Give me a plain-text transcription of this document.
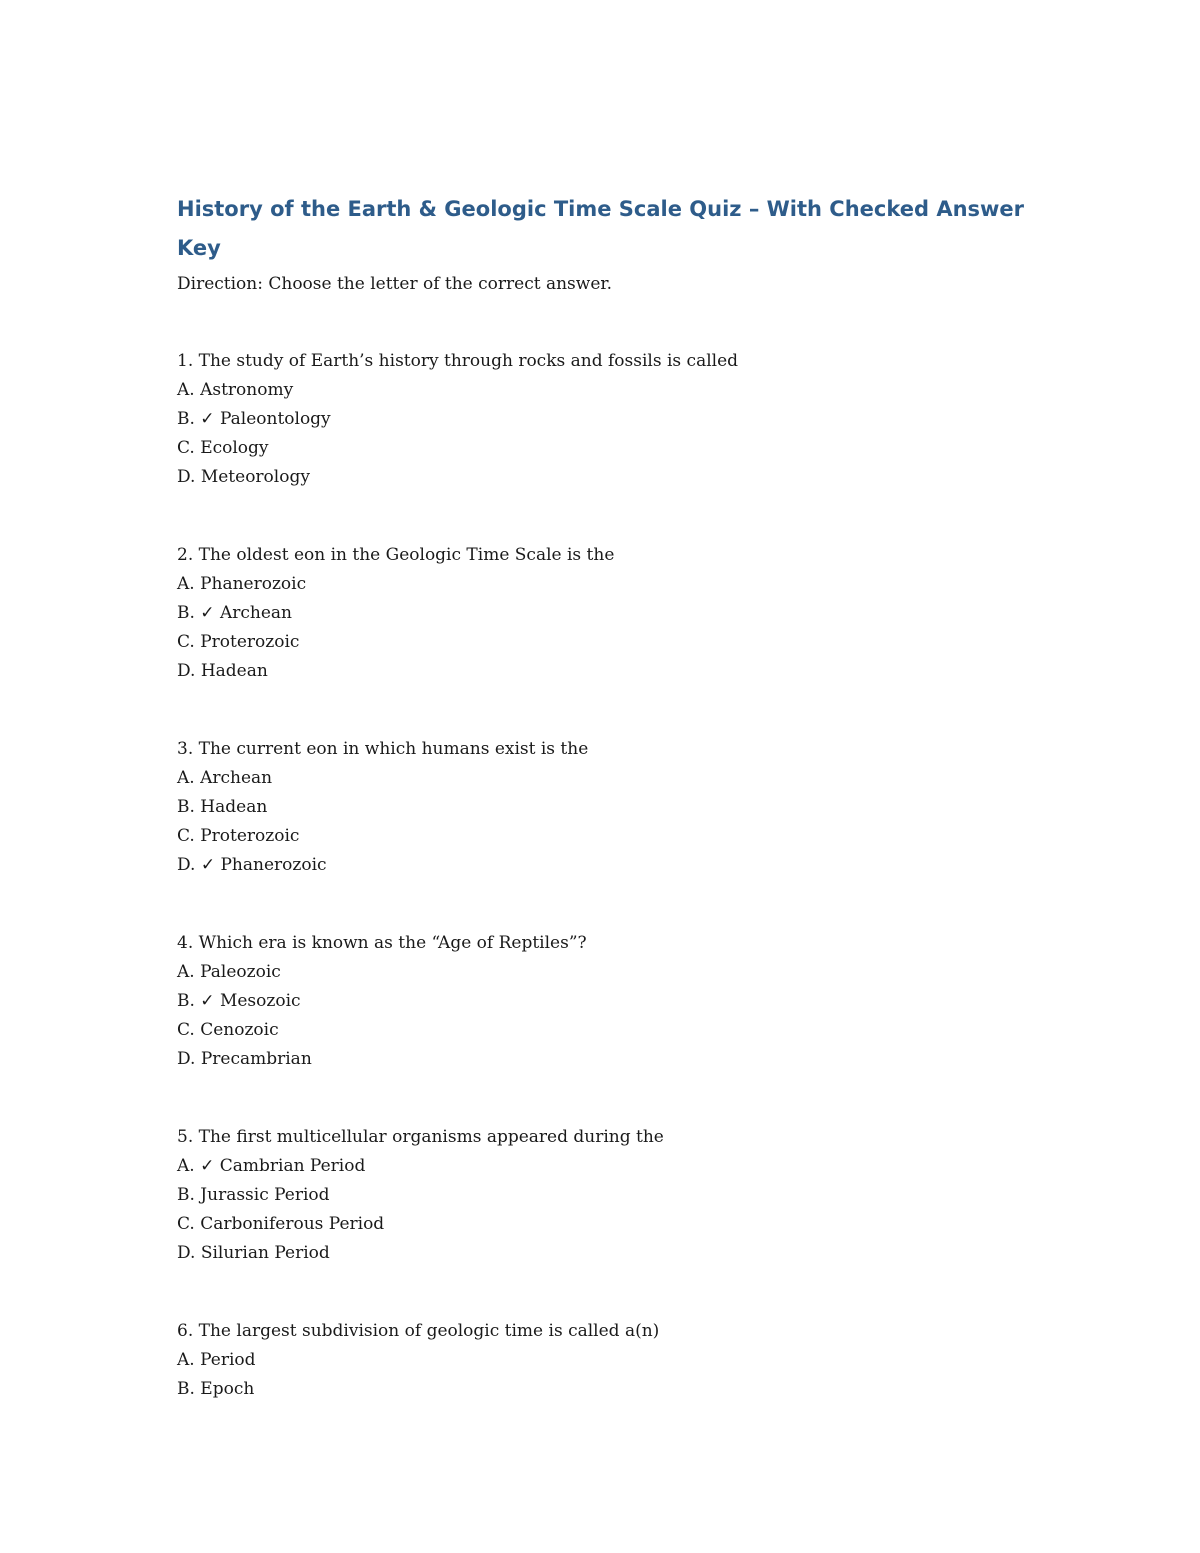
History of the Earth & Geologic Time Scale Quiz – With Checked Answer Key

Direction: Choose the letter of the correct answer.

1. The study of Earth’s history through rocks and fossils is called
A. Astronomy
B. ✓ Paleontology
C. Ecology
D. Meteorology
2. The oldest eon in the Geologic Time Scale is the
A. Phanerozoic
B. ✓ Archean
C. Proterozoic
D. Hadean
3. The current eon in which humans exist is the
A. Archean
B. Hadean
C. Proterozoic
D. ✓ Phanerozoic
4. Which era is known as the “Age of Reptiles”?
A. Paleozoic
B. ✓ Mesozoic
C. Cenozoic
D. Precambrian
5. The first multicellular organisms appeared during the
A. ✓ Cambrian Period
B. Jurassic Period
C. Carboniferous Period
D. Silurian Period
6. The largest subdivision of geologic time is called a(n)
A. Period
B. Epoch
